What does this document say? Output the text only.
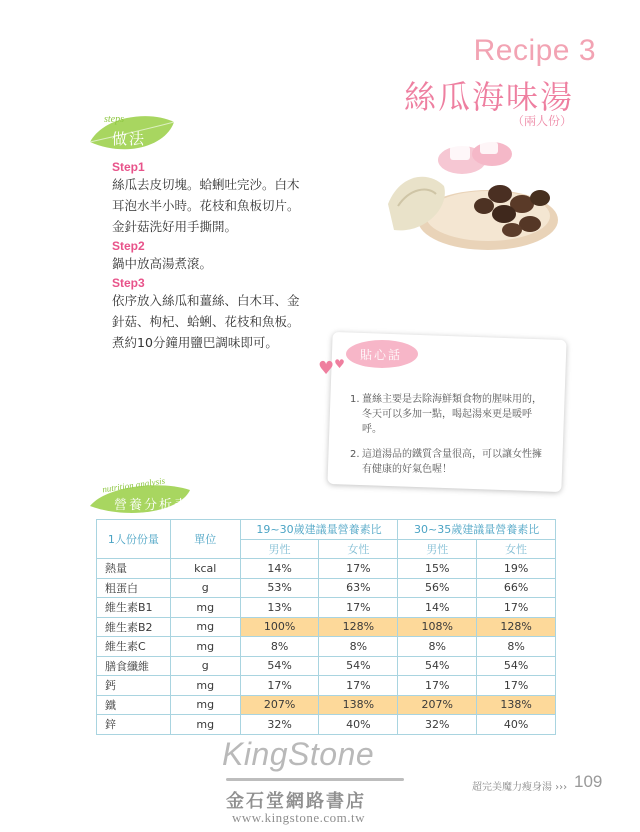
Recipe 3
絲瓜海味湯
（兩人份）
steps
做法
Step1
絲瓜去皮切塊。蛤蜊吐完沙。白木
耳泡水半小時。花枝和魚板切片。
金針菇洗好用手撕開。
Step2
鍋中放高湯煮滾。
Step3
依序放入絲瓜和薑絲、白木耳、金
針菇、枸杞、蛤蜊、花枝和魚板。
煮約10分鐘用鹽巴調味即可。
貼心話
♥♥
1. 薑絲主要是去除海鮮類食物的腥味用的，冬天可以多加一點，喝起湯來更是暖呼呼。
2. 這道湯品的鐵質含量很高，可以讓女性擁有健康的好氣色喔！
nutrition analysis
營養分析表
1人份份量	單位	19~30歲建議量營養素比		30~35歲建議量營養素比	
		男性	女性	男性	女性
熱量	kcal	14%	17%	15%	19%
粗蛋白	g	53%	63%	56%	66%
維生素B1	mg	13%	17%	14%	17%
維生素B2	mg	100%	128%	108%	128%
維生素C	mg	8%	8%	8%	8%
膳食纖維	g	54%	54%	54%	54%
鈣	mg	17%	17%	17%	17%
鐵	mg	207%	138%	207%	138%
鋅	mg	32%	40%	32%	40%
超完美魔力瘦身湯 ››› 109
KingStone
金石堂網路書店
www.kingstone.com.tw
